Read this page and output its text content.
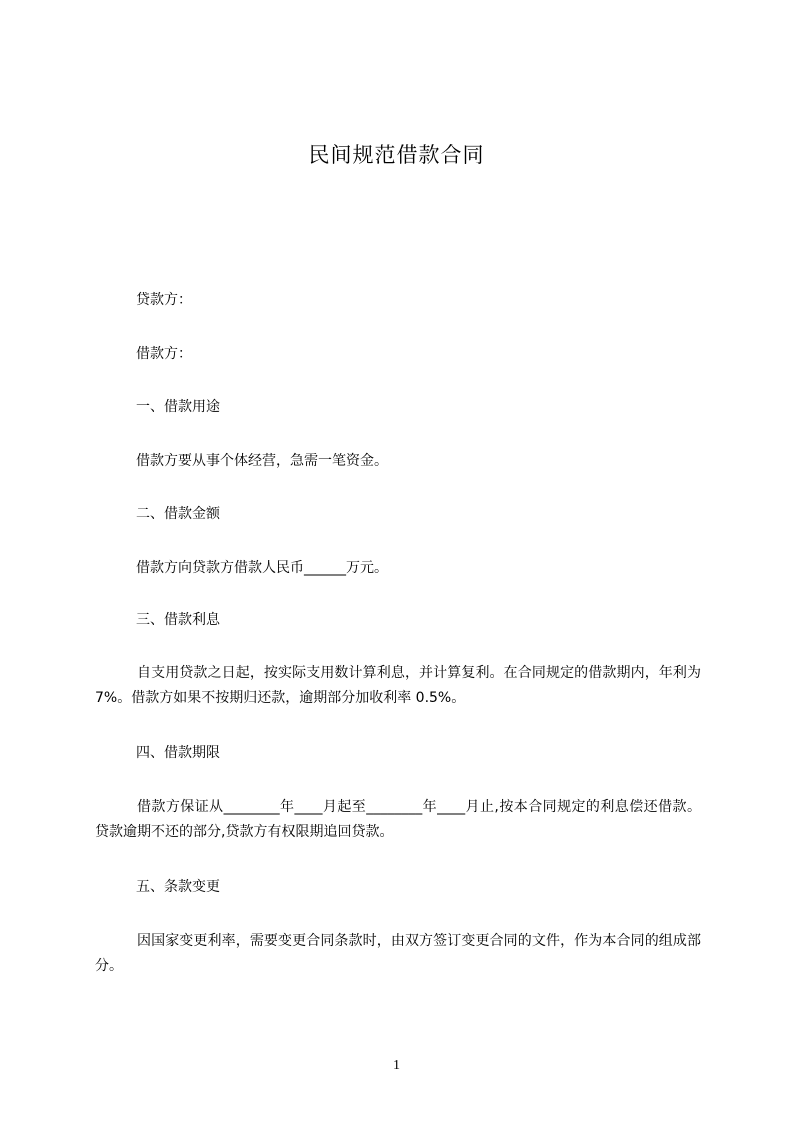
民间规范借款合同
贷款方：
借款方：
一、借款用途
借款方要从事个体经营，急需一笔资金。
二、借款金额
借款方向贷款方借款人民币______万元。
三、借款利息
自支用贷款之日起，按实际支用数计算利息，并计算复利。在合同规定的借款期内，年利为 7%。借款方如果不按期归还款，逾期部分加收利率 0.5%。
四、借款期限
借款方保证从________年____月起至________年____月止,按本合同规定的利息偿还借款。贷款逾期不还的部分,贷款方有权限期追回贷款。
五、条款变更
因国家变更利率，需要变更合同条款时，由双方签订变更合同的文件，作为本合同的组成部分。
1
